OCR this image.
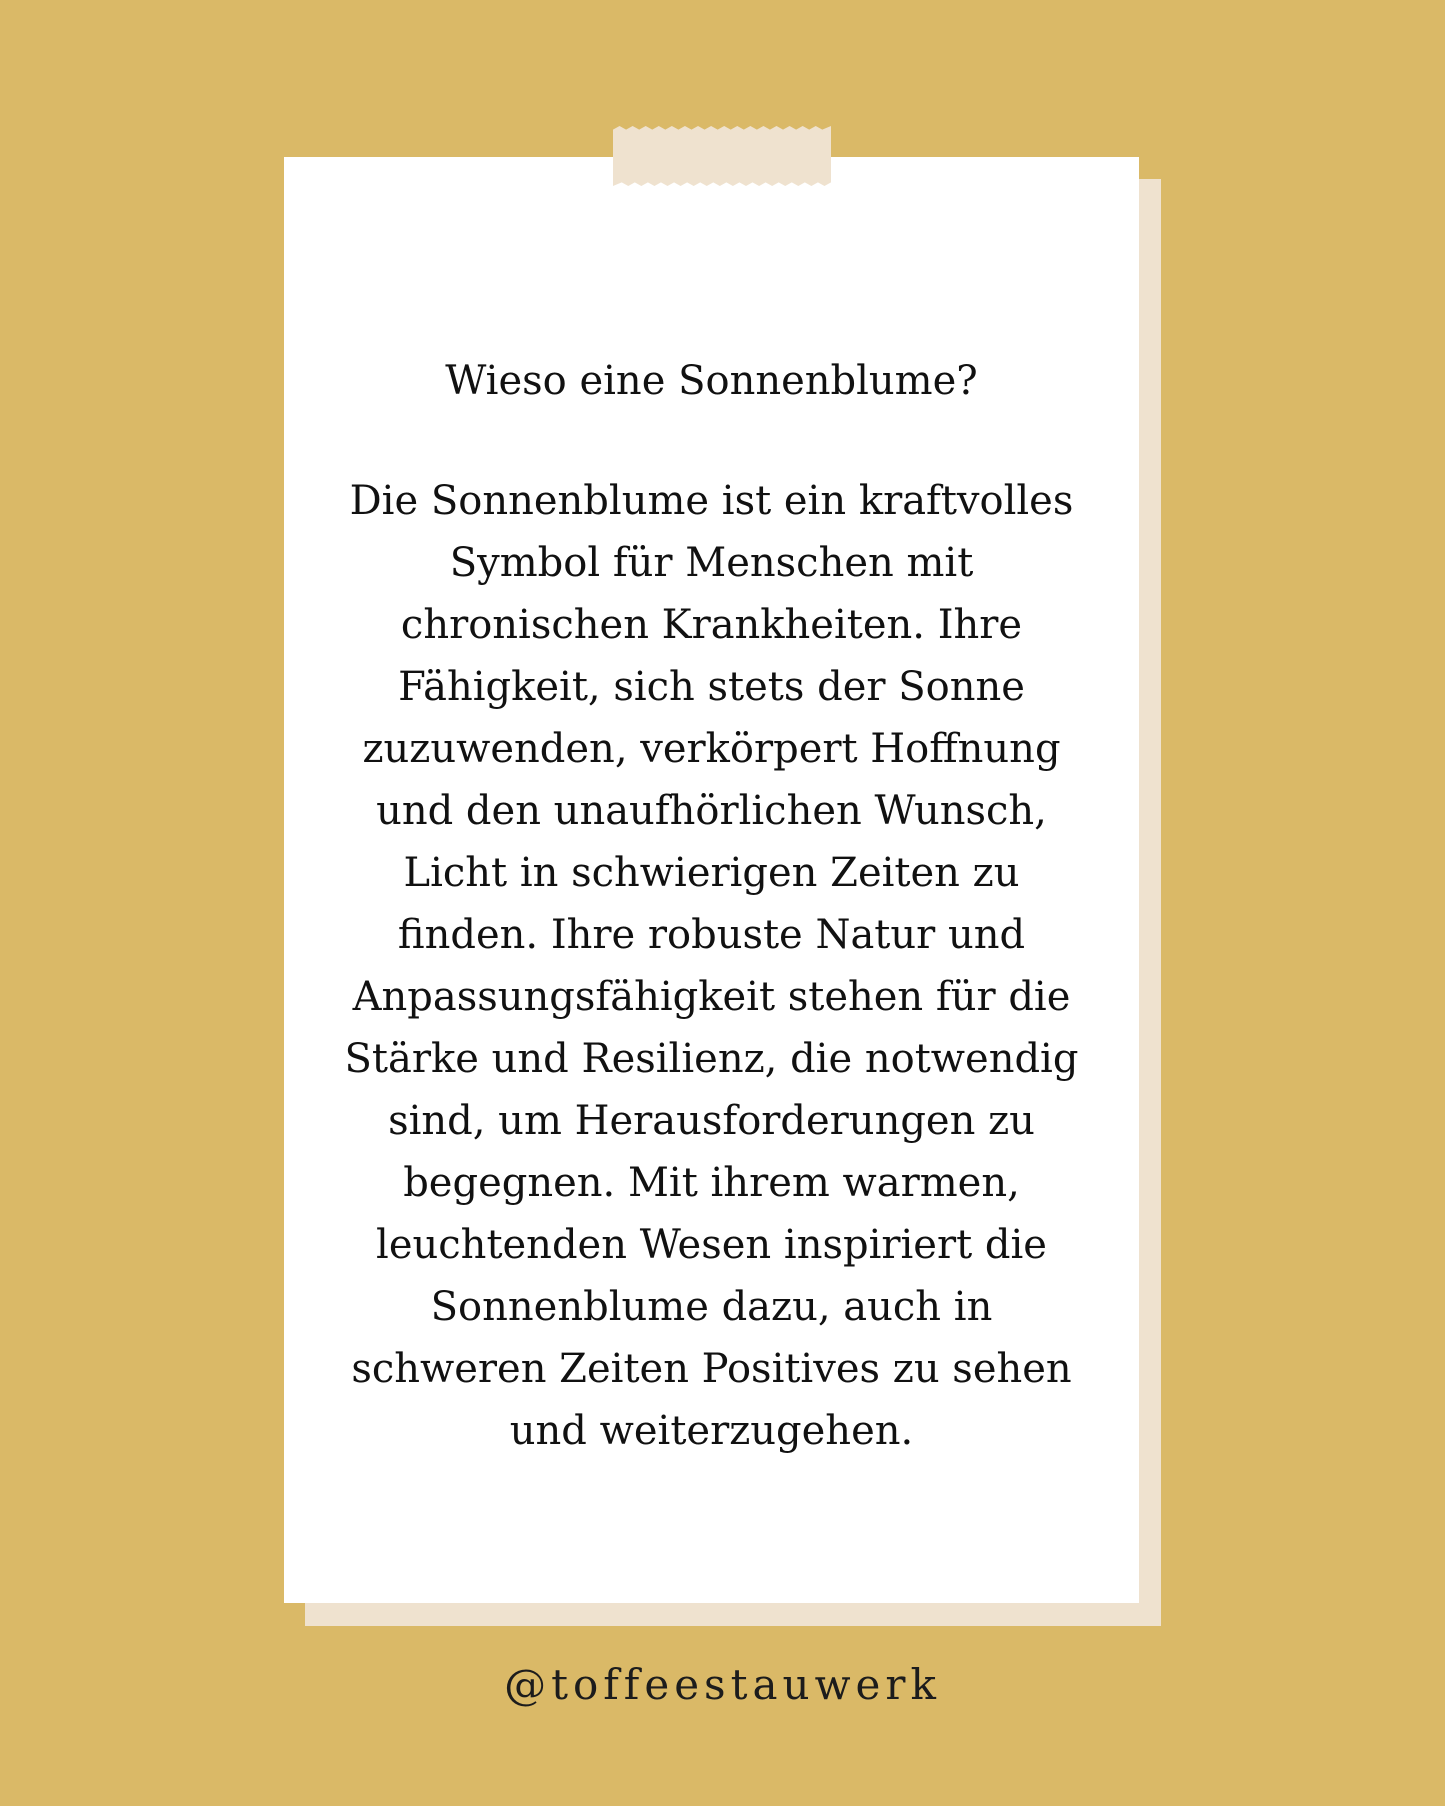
Wieso eine Sonnenblume?
Die Sonnenblume ist ein kraftvolles
Symbol für Menschen mit
chronischen Krankheiten. Ihre
Fähigkeit, sich stets der Sonne
zuzuwenden, verkörpert Hoffnung
und den unaufhörlichen Wunsch,
Licht in schwierigen Zeiten zu
finden. Ihre robuste Natur und
Anpassungsfähigkeit stehen für die
Stärke und Resilienz, die notwendig
sind, um Herausforderungen zu
begegnen. Mit ihrem warmen,
leuchtenden Wesen inspiriert die
Sonnenblume dazu, auch in
schweren Zeiten Positives zu sehen
und weiterzugehen.
@toffeestauwerk
